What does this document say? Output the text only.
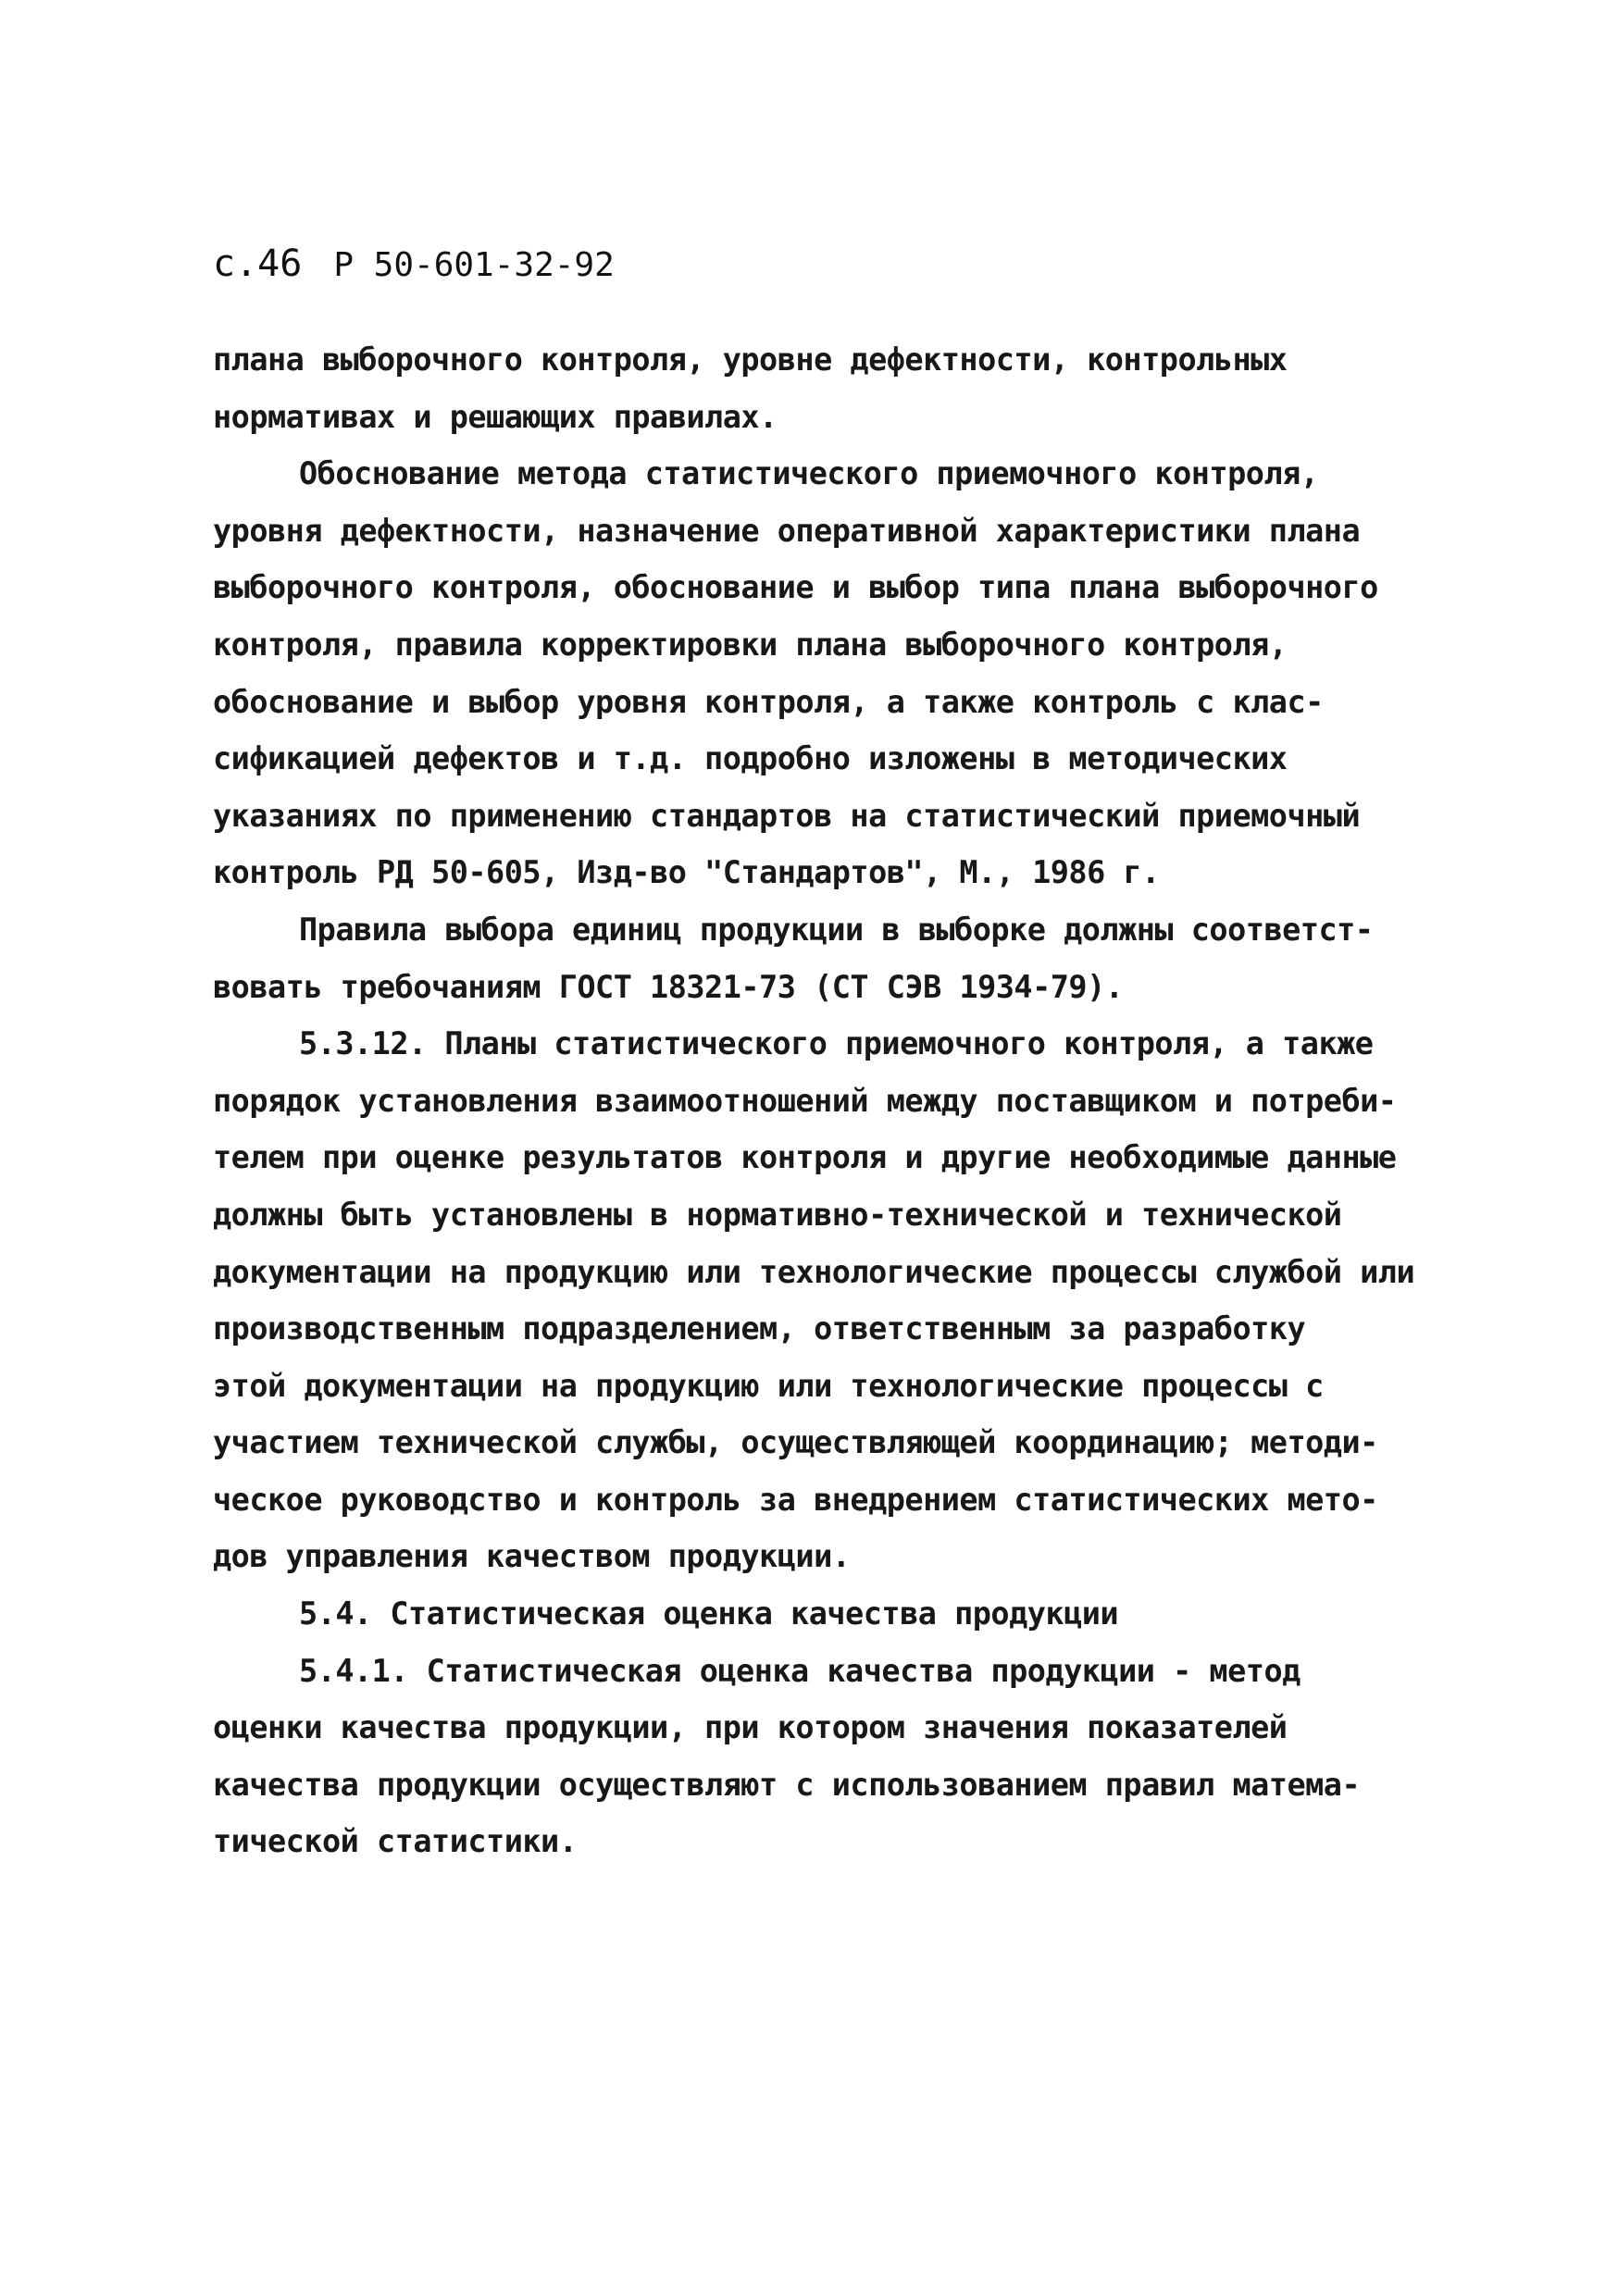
с.46 Р 50-601-32-92
плана выборочного контроля, уровне дефектности, контрольных
нормативах и решающих правилах.
Обоснование метода статистического приемочного контроля,
уровня дефектности, назначение оперативной характеристики плана
выборочного контроля, обоснование и выбор типа плана выборочного
контроля, правила корректировки плана выборочного контроля,
обоснование и выбор уровня контроля, а также контроль с клас-
сификацией дефектов и т.д. подробно изложены в методических
указаниях по применению стандартов на статистический приемочный
контроль РД 50-605, Изд-во "Стандартов", М., 1986 г.
Правила выбора единиц продукции в выборке должны соответст-
вовать требочаниям ГОСТ 18321-73 (СТ СЭВ 1934-79).
5.3.12. Планы статистического приемочного контроля, а также
порядок установления взаимоотношений между поставщиком и потреби-
телем при оценке результатов контроля и другие необходимые данные
должны быть установлены в нормативно-технической и технической
документации на продукцию или технологические процессы службой или
производственным подразделением, ответственным за разработку
этой документации на продукцию или технологические процессы с
участием технической службы, осуществляющей координацию; методи-
ческое руководство и контроль за внедрением статистических мето-
дов управления качеством продукции.
5.4. Статистическая оценка качества продукции
5.4.1. Статистическая оценка качества продукции - метод
оценки качества продукции, при котором значения показателей
качества продукции осуществляют с использованием правил матема-
тической статистики.
